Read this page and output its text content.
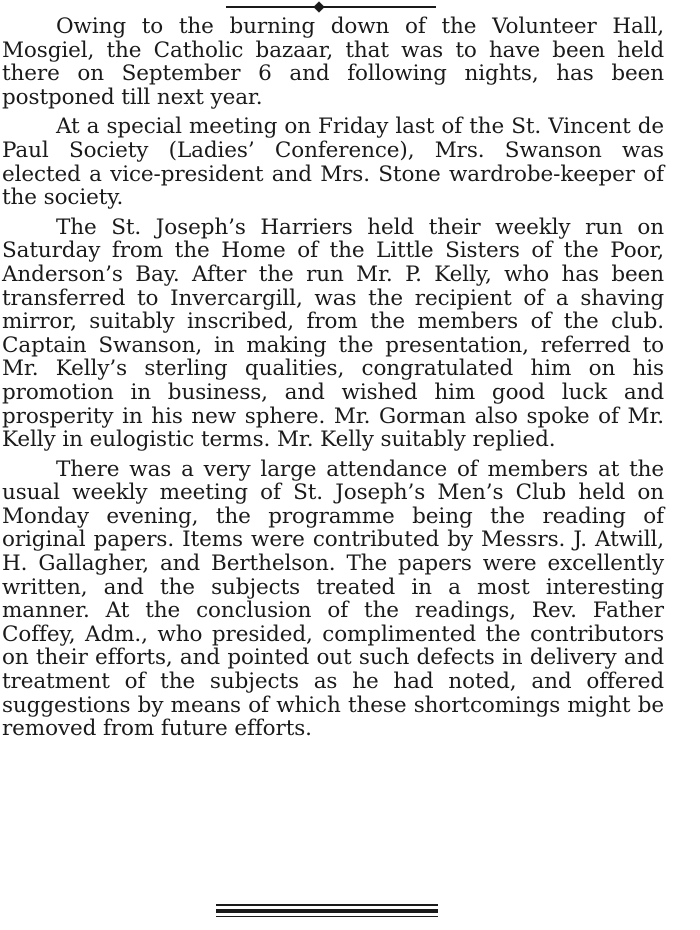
Owing to the burning down of the Volunteer Hall, Mosgiel, the Catholic bazaar, that was to have been held there on September 6 and following nights, has been postponed till next year.

At a special meeting on Friday last of the St. Vincent de Paul Society (Ladies’ Conference), Mrs. Swanson was elected a vice-president and Mrs. Stone wardrobe-keeper of the society.

The St. Joseph’s Harriers held their weekly run on Saturday from the Home of the Little Sisters of the Poor, Anderson’s Bay. After the run Mr. P. Kelly, who has been transferred to Invercargill, was the recipient of a shaving mirror, suitably inscribed, from the members of the club. Captain Swanson, in making the presentation, referred to Mr. Kelly’s sterling qualities, congratulated him on his promotion in business, and wished him good luck and prosperity in his new sphere. Mr. Gorman also spoke of Mr. Kelly in eulogistic terms. Mr. Kelly suitably replied.

There was a very large attendance of members at the usual weekly meeting of St. Joseph’s Men’s Club held on Monday evening, the programme being the reading of original papers. Items were contributed by Messrs. J. Atwill, H. Gallagher, and Berthelson. The papers were excellently written, and the subjects treated in a most interesting manner. At the conclusion of the readings, Rev. Father Coffey, Adm., who presided, complimented the contributors on their efforts, and pointed out such defects in delivery and treatment of the subjects as he had noted, and offered suggestions by means of which these shortcomings might be removed from future efforts.
